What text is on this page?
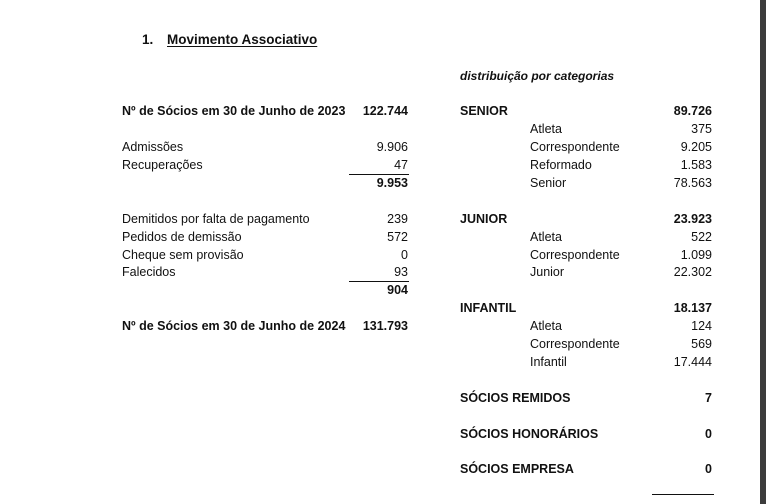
1. Movimento Associativo
distribuição por categorias
Nº de Sócios em 30 de Junho de 2023	122.744
Admissões	9.906
Recuperações	47
9.953
Demitidos por falta de pagamento	239
Pedidos de demissão	572
Cheque sem provisão	0
Falecidos	93
904
Nº de Sócios em 30 de Junho de 2024	131.793
SENIOR	89.726
Atleta	375
Correspondente	9.205
Reformado	1.583
Senior	78.563
JUNIOR	23.923
Atleta	522
Correspondente	1.099
Junior	22.302
INFANTIL	18.137
Atleta	124
Correspondente	569
Infantil	17.444
SÓCIOS REMIDOS	7
SÓCIOS HONORÁRIOS	0
SÓCIOS EMPRESA	0
